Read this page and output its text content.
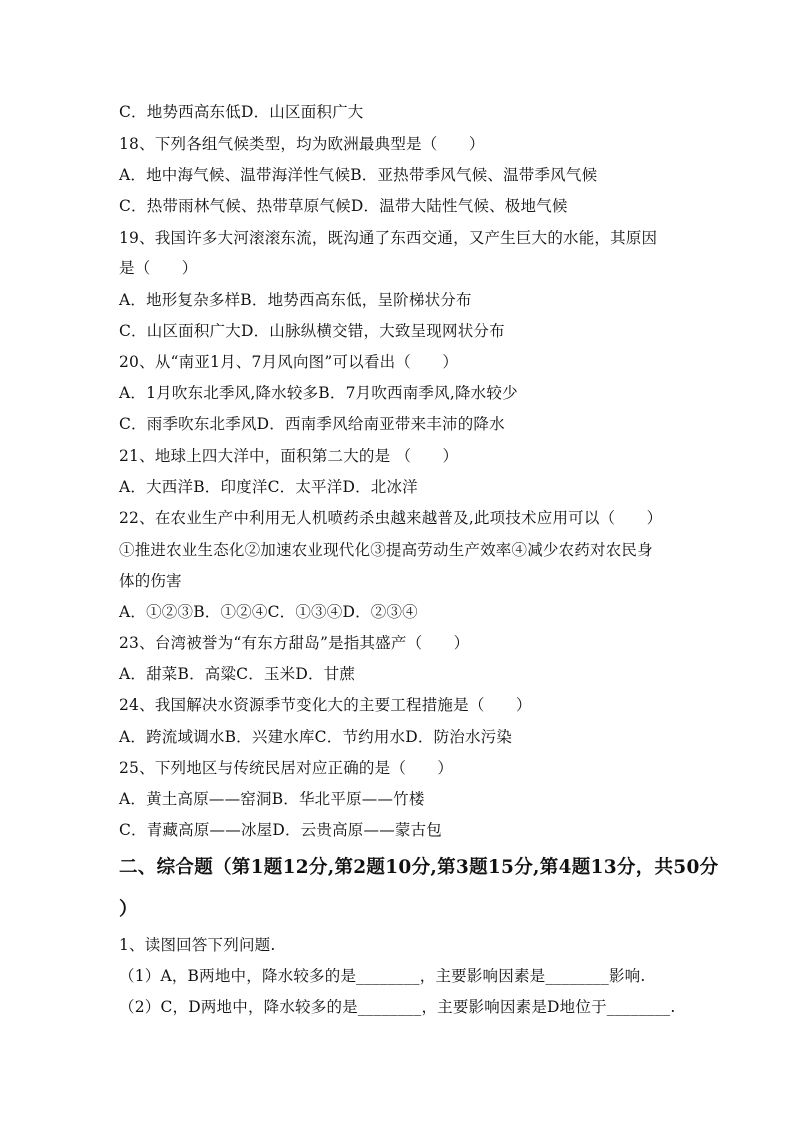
C．地势西高东低D．山区面积广大
18、下列各组气候类型，均为欧洲最典型是（　　）
A．地中海气候、温带海洋性气候B．亚热带季风气候、温带季风气候
C．热带雨林气候、热带草原气候D．温带大陆性气候、极地气候
19、我国许多大河滚滚东流，既沟通了东西交通，又产生巨大的水能，其原因
是（　　）
A．地形复杂多样B．地势西高东低，呈阶梯状分布
C．山区面积广大D．山脉纵横交错，大致呈现网状分布
20、从“南亚1月、7月风向图”可以看出（　　）
A．1月吹东北季风,降水较多B．7月吹西南季风,降水较少
C．雨季吹东北季风D．西南季风给南亚带来丰沛的降水
21、地球上四大洋中，面积第二大的是 （　　）
A．大西洋B．印度洋C．太平洋D．北冰洋
22、在农业生产中利用无人机喷药杀虫越来越普及,此项技术应用可以（　　）
①推进农业生态化②加速农业现代化③提高劳动生产效率④减少农药对农民身
体的伤害
A．①②③B．①②④C．①③④D．②③④
23、台湾被誉为“有东方甜岛”是指其盛产（　　）
A．甜菜B．高粱C．玉米D．甘蔗
24、我国解决水资源季节变化大的主要工程措施是（　　）
A．跨流域调水B．兴建水库C．节约用水D．防治水污染
25、下列地区与传统民居对应正确的是（　　）
A．黄土高原——窑洞B．华北平原——竹楼
C．青藏高原——冰屋D．云贵高原——蒙古包
二、综合题（第1题12分,第2题10分,第3题15分,第4题13分，共50分
）
1、读图回答下列问题.
（1）A，B两地中，降水较多的是________，主要影响因素是________影响.
（2）C，D两地中，降水较多的是________，主要影响因素是D地位于________.
